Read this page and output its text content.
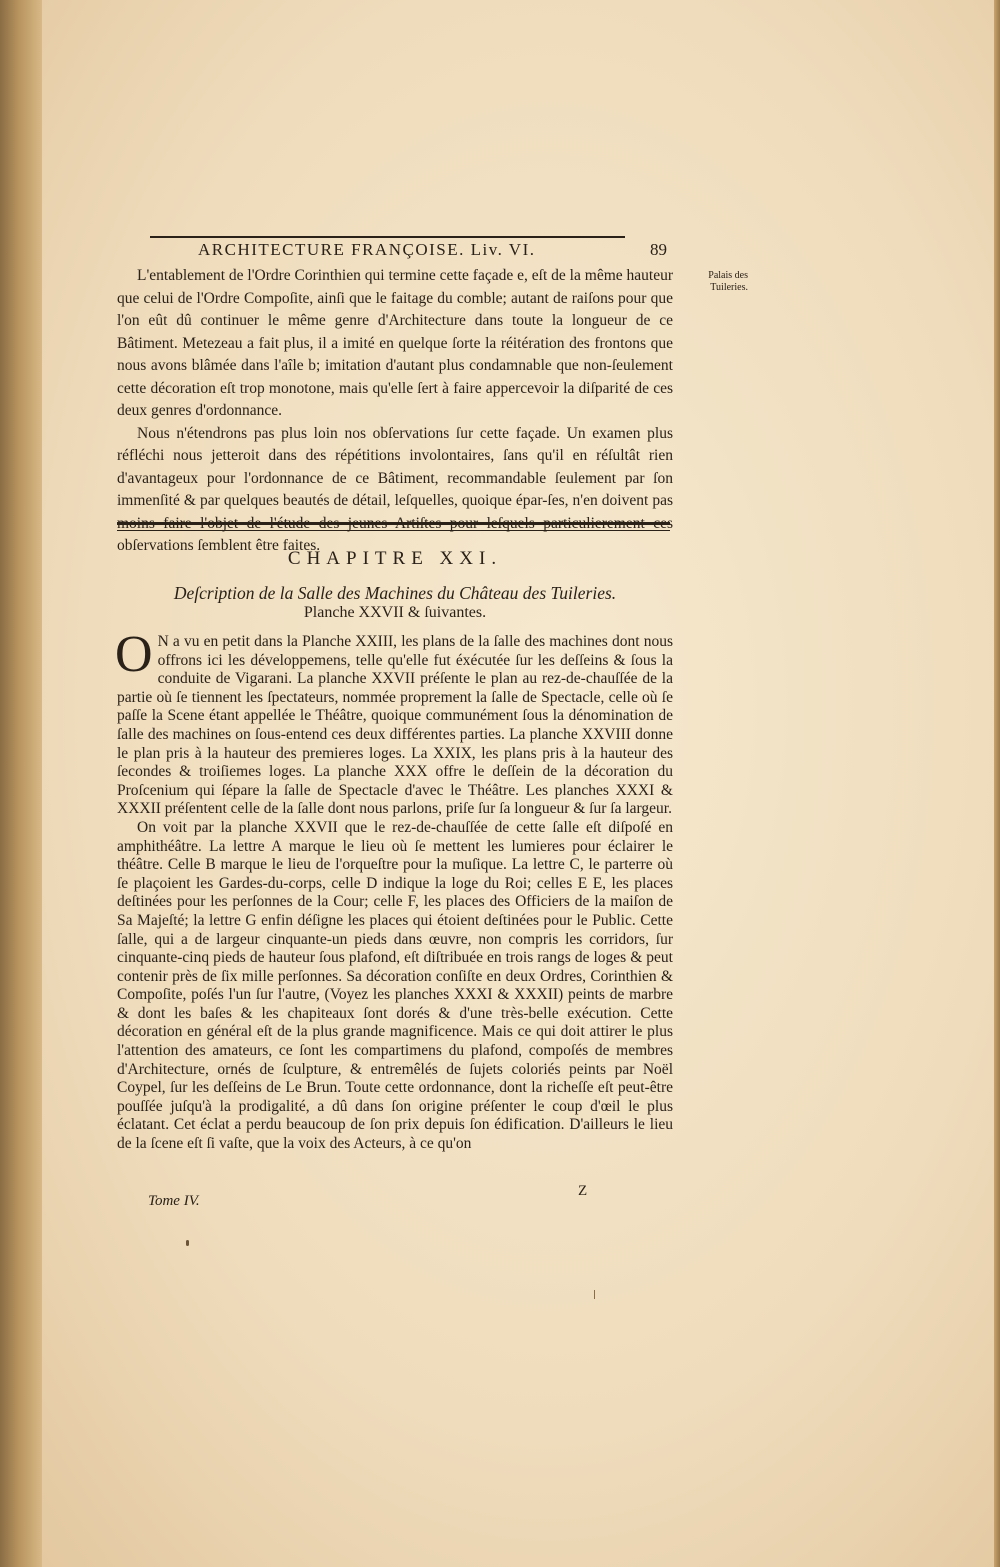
ARCHITECTURE FRANÇOISE. Liv. VI.	89
Palais des
Tuileries.

L'entablement de l'Ordre Corinthien qui termine cette façade e, eſt de la même hauteur que celui de l'Ordre Compoſite, ainſi que le faitage du comble; autant de raiſons pour que l'on eût dû continuer le même genre d'Architecture dans toute la longueur de ce Bâtiment. Metezeau a fait plus, il a imité en quelque ſorte la réitération des frontons que nous avons blâmée dans l'aîle b; imitation d'autant plus condamnable que non-ſeulement cette décoration eſt trop monotone, mais qu'elle ſert à faire appercevoir la diſparité de ces deux genres d'ordonnance.

Nous n'étendrons pas plus loin nos obſervations ſur cette façade. Un examen plus réfléchi nous jetteroit dans des répétitions involontaires, ſans qu'il en réſultât rien d'avantageux pour l'ordonnance de ce Bâtiment, recommandable ſeulement par ſon immenſité & par quelques beautés de détail, leſquelles, quoique épar-ſes, n'en doivent pas moins faire l'objet de l'étude des jeunes Artiſtes pour leſquels particulierement ces obſervations ſemblent être faites.

CHAPITRE XXI.
Deſcription de la Salle des Machines du Château des Tuileries.
Planche XXVII & ſuivantes.

O N a vu en petit dans la Planche XXIII, les plans de la ſalle des machines dont nous offrons ici les développemens, telle qu'elle fut éxécutée ſur les deſſeins & ſous la conduite de Vigarani. La planche XXVII préſente le plan au rez-de-chauſſée de la partie où ſe tiennent les ſpectateurs, nommée proprement la ſalle de Spectacle, celle où ſe paſſe la Scene étant appellée le Théâtre, quoique communément ſous la dénomination de ſalle des machines on ſous-entend ces deux différentes parties. La planche XXVIII donne le plan pris à la hauteur des premieres loges. La XXIX, les plans pris à la hauteur des ſecondes & troiſiemes loges. La planche XXX offre le deſſein de la décoration du Proſcenium qui ſépare la ſalle de Spectacle d'avec le Théâtre. Les planches XXXI & XXXII préſentent celle de la ſalle dont nous parlons, priſe ſur ſa longueur & ſur ſa largeur.

On voit par la planche XXVII que le rez-de-chauſſée de cette ſalle eſt diſpoſé en amphithéâtre. La lettre A marque le lieu où ſe mettent les lumieres pour éclairer le théâtre. Celle B marque le lieu de l'orqueſtre pour la muſique. La lettre C, le parterre où ſe plaçoient les Gardes-du-corps, celle D indique la loge du Roi; celles E E, les places deſtinées pour les perſonnes de la Cour; celle F, les places des Officiers de la maiſon de Sa Majeſté; la lettre G enfin déſigne les places qui étoient deſtinées pour le Public. Cette ſalle, qui a de largeur cinquante-un pieds dans œuvre, non compris les corridors, ſur cinquante-cinq pieds de hauteur ſous plafond, eſt diſtribuée en trois rangs de loges & peut contenir près de ſix mille perſonnes. Sa décoration conſiſte en deux Ordres, Corinthien & Compoſite, poſés l'un ſur l'autre, (Voyez les planches XXXI & XXXII) peints de marbre & dont les baſes & les chapiteaux ſont dorés & d'une très-belle exécution. Cette décoration en général eſt de la plus grande magnificence. Mais ce qui doit attirer le plus l'attention des amateurs, ce ſont les compartimens du plafond, compoſés de membres d'Architecture, ornés de ſculpture, & entremêlés de ſujets coloriés peints par Noël Coypel, ſur les deſſeins de Le Brun. Toute cette ordonnance, dont la richeſſe eſt peut-être pouſſée juſqu'à la prodigalité, a dû dans ſon origine préſenter le coup d'œil le plus éclatant. Cet éclat a perdu beaucoup de ſon prix depuis ſon édification. D'ailleurs le lieu de la ſcene eſt ſi vaſte, que la voix des Acteurs, à ce qu'on

Tome IV.
Z
